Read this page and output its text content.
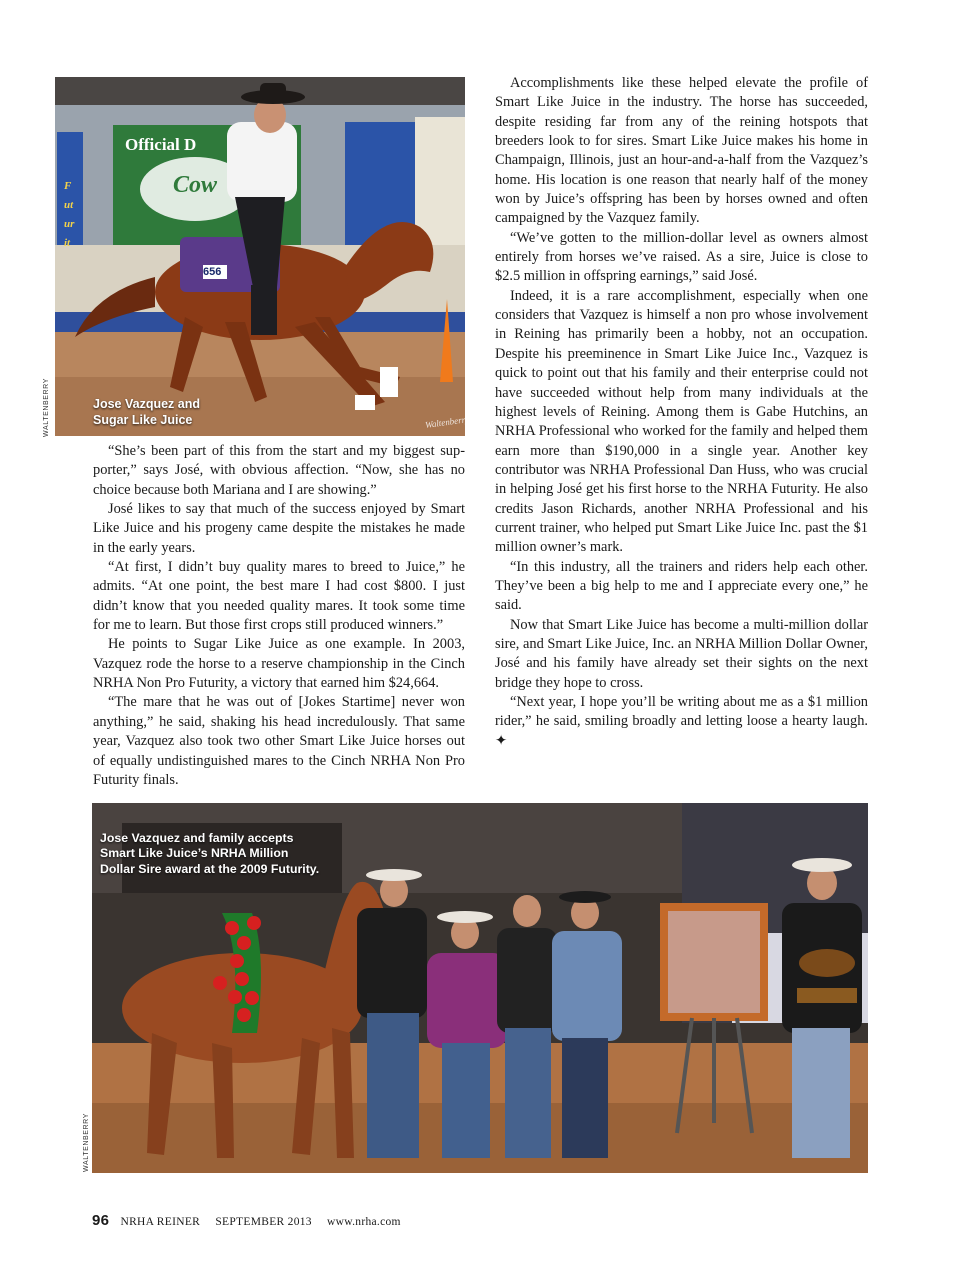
Jose Vazquez and
Sugar Like Juice	Waltenberry
656
Official D
Cow
Futurit
WALTENBERRY

“She’s been part of this from the start and my biggest supporter,” says José, with obvious affection. “Now, she has no choice because both Mariana and I are showing.”

José likes to say that much of the success enjoyed by Smart Like Juice and his progeny came despite the mistakes he made in the early years.

“At first, I didn’t buy quality mares to breed to Juice,” he admits. “At one point, the best mare I had cost $800. I just didn’t know that you needed quality mares. It took some time for me to learn. But those first crops still produced winners.”

He points to Sugar Like Juice as one example. In 2003, Vazquez rode the horse to a reserve championship in the Cinch NRHA Non Pro Futurity, a victory that earned him $24,664.

“The mare that he was out of [Jokes Startime] never won anything,” he said, shaking his head incredulously. That same year, Vazquez also took two other Smart Like Juice horses out of equally undistinguished mares to the Cinch NRHA Non Pro Futurity finals.

Accomplishments like these helped elevate the profile of Smart Like Juice in the industry. The horse has succeeded, despite residing far from any of the reining hotspots that breeders look to for sires. Smart Like Juice makes his home in Champaign, Illinois, just an hour-and-a-half from the Vazquez’s home. His location is one reason that nearly half of the money won by Juice’s offspring has been by horses owned and often campaigned by the Vazquez family.

“We’ve gotten to the million-dollar level as owners almost entirely from horses we’ve raised. As a sire, Juice is close to $2.5 million in offspring earnings,” said José.

Indeed, it is a rare accomplishment, especially when one considers that Vazquez is himself a non pro whose involvement in Reining has primarily been a hobby, not an occupation. Despite his preeminence in Smart Like Juice Inc., Vazquez is quick to point out that his family and their enterprise could not have succeeded without help from many individuals at the highest levels of Reining. Among them is Gabe Hutchins, an NRHA Professional who worked for the family and helped them earn more than $190,000 in a single year. Another key contributor was NRHA Professional Dan Huss, who was crucial in helping José get his first horse to the NRHA Futurity. He also credits Jason Richards, another NRHA Professional and his current trainer, who helped put Smart Like Juice Inc. past the $1 million owner’s mark.

“In this industry, all the trainers and riders help each other. They’ve been a big help to me and I appreciate every one,” he said.

Now that Smart Like Juice has become a multi-million dollar sire, and Smart Like Juice, Inc. an NRHA Million Dollar Owner, José and his family have already set their sights on the next bridge they hope to cross.

“Next year, I hope you’ll be writing about me as a $1 million rider,” he said, smiling broadly and letting loose a hearty laugh. ✦

Jose Vazquez and family accepts
Smart Like Juice’s NRHA Million
Dollar Sire award at the 2009 Futurity.
WALTENBERRY
96 NRHA REINER SEPTEMBER 2013 www.nrha.com
